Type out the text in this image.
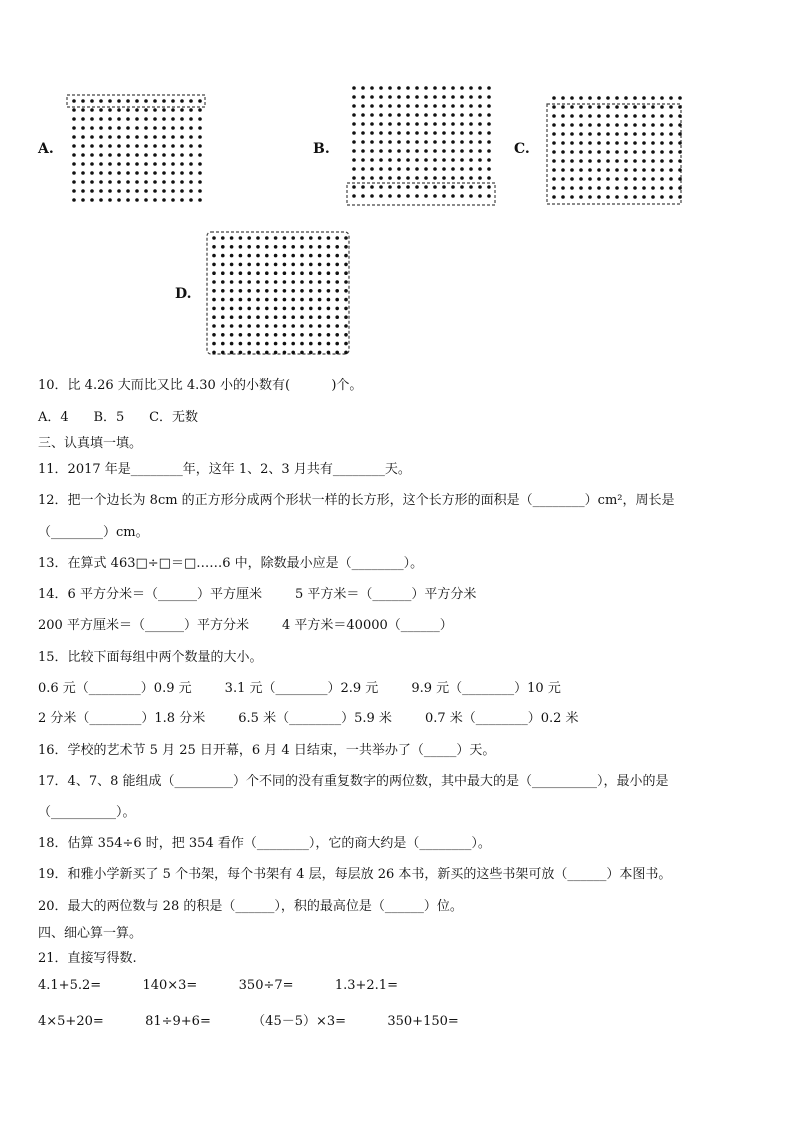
A.	B.	C.
D.
10．比 4.26 大而比又比 4.30 小的小数有(          )个。
A．4      B．5      C．无数
三、认真填一填。
11．2017 年是________年，这年 1、2、3 月共有________天。
12．把一个边长为 8cm 的正方形分成两个形状一样的长方形，这个长方形的面积是（________）cm²，周长是
（________）cm。
13．在算式 463□÷□＝□……6 中，除数最小应是（________）。
14．6 平方分米＝（______）平方厘米        5 平方米＝（______）平方分米
200 平方厘米＝（______）平方分米        4 平方米＝40000（______）
15．比较下面每组中两个数量的大小。
0.6 元（________）0.9 元        3.1 元（________）2.9 元        9.9 元（________）10 元
2 分米（________）1.8 分米        6.5 米（________）5.9 米        0.7 米（________）0.2 米
16．学校的艺术节 5 月 25 日开幕，6 月 4 日结束，一共举办了（_____）天。
17．4、7、8 能组成（_________）个不同的没有重复数字的两位数，其中最大的是（__________），最小的是
（__________）。
18．估算 354÷6 时，把 354 看作（________），它的商大约是（________）。
19．和雅小学新买了 5 个书架，每个书架有 4 层，每层放 26 本书，新买的这些书架可放（______）本图书。
20．最大的两位数与 28 的积是（______），积的最高位是（______）位。
四、细心算一算。
21．直接写得数.
4.1+5.2=          140×3=          350÷7=          1.3+2.1=
4×5+20=          81÷9+6=          （45－5）×3=          350+150=
